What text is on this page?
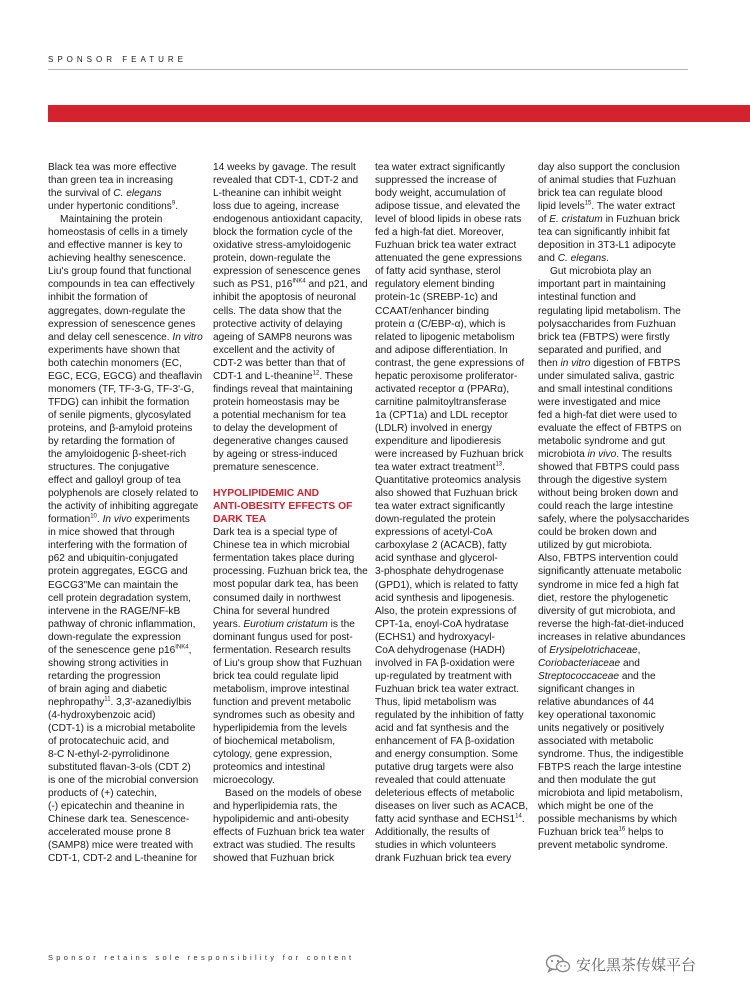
SPONSOR FEATURE

Black tea was more effective

than green tea in increasing

the survival of C. elegans

under hypertonic conditions$^9$.

Maintaining the protein

homeostasis of cells in a timely

and effective manner is key to

achieving healthy senescence.

Liu's group found that functional

compounds in tea can effectively

inhibit the formation of

aggregates, down-regulate the

expression of senescence genes

and delay cell senescence. In vitro

experiments have shown that

both catechin monomers (EC,

EGC, ECG, EGCG) and theaflavin

monomers (TF, TF-3-G, TF-3'-G,

TFDG) can inhibit the formation

of senile pigments, glycosylated

proteins, and β-amyloid proteins

by retarding the formation of

the amyloidogenic β-sheet-rich

structures. The conjugative

effect and galloyl group of tea

polyphenols are closely related to

the activity of inhibiting aggregate

formation$^{10}$. In vivo experiments

in mice showed that through

interfering with the formation of

p62 and ubiquitin-conjugated

protein aggregates, EGCG and

EGCG3"Me can maintain the

cell protein degradation system,

intervene in the RAGE/NF-kB

pathway of chronic inflammation,

down-regulate the expression

of the senescence gene $p16^{INK4}$,

showing strong activities in

retarding the progression

of brain aging and diabetic

nephropathy$^{11}$. 3,3'-azanediylbis

(4-hydroxybenzoic acid)

(CDT-1) is a microbial metabolite

of protocatechuic acid, and

8-C N-ethyl-2-pyrrolidinone

substituted flavan-3-ols (CDT 2)

is one of the microbial conversion

products of (+) catechin,

(-) epicatechin and theanine in

Chinese dark tea. Senescence-

accelerated mouse prone 8

(SAMP8) mice were treated with

CDT-1, CDT-2 and L-theanine for

14 weeks by gavage. The result

revealed that CDT-1, CDT-2 and

L-theanine can inhibit weight

loss due to ageing, increase

endogenous antioxidant capacity,

block the formation cycle of the

oxidative stress-amyloidogenic

protein, down-regulate the

expression of senescence genes

such as PS1, $p16^{INK4}$ and p21, and

inhibit the apoptosis of neuronal

cells. The data show that the

protective activity of delaying

ageing of SAMP8 neurons was

excellent and the activity of

CDT-2 was better than that of

CDT-1 and L-theanine$^{12}$. These

findings reveal that maintaining

protein homeostasis may be

a potential mechanism for tea

to delay the development of

degenerative changes caused

by ageing or stress-induced

premature senescence.

HYPOLIPIDEMIC AND
ANTI-OBESITY EFFECTS OF
DARK TEA

Dark tea is a special type of

Chinese tea in which microbial

fermentation takes place during

processing. Fuzhuan brick tea, the

most popular dark tea, has been

consumed daily in northwest

China for several hundred

years. Eurotium cristatum is the

dominant fungus used for post-

fermentation. Research results

of Liu's group show that Fuzhuan

brick tea could regulate lipid

metabolism, improve intestinal

function and prevent metabolic

syndromes such as obesity and

hyperlipidemia from the levels

of biochemical metabolism,

cytology, gene expression,

proteomics and intestinal

microecology.

Based on the models of obese

and hyperlipidemia rats, the

hypolipidemic and anti-obesity

effects of Fuzhuan brick tea water

extract was studied. The results

showed that Fuzhuan brick

tea water extract significantly

suppressed the increase of

body weight, accumulation of

adipose tissue, and elevated the

level of blood lipids in obese rats

fed a high-fat diet. Moreover,

Fuzhuan brick tea water extract

attenuated the gene expressions

of fatty acid synthase, sterol

regulatory element binding

protein-1c (SREBP-1c) and

CCAAT/enhancer binding

protein α (C/EBP-α), which is

related to lipogenic metabolism

and adipose differentiation. In

contrast, the gene expressions of

hepatic peroxisome proliferator-

activated receptor α (PPARα),

carnitine palmitoyltransferase

1a (CPT1a) and LDL receptor

(LDLR) involved in energy

expenditure and lipodieresis

were increased by Fuzhuan brick

tea water extract treatment$^{13}$.

Quantitative proteomics analysis

also showed that Fuzhuan brick

tea water extract significantly

down-regulated the protein

expressions of acetyl-CoA

carboxylase 2 (ACACB), fatty

acid synthase and glycerol-

3-phosphate dehydrogenase

(GPD1), which is related to fatty

acid synthesis and lipogenesis.

Also, the protein expressions of

CPT-1a, enoyl-CoA hydratase

(ECHS1) and hydroxyacyl-

CoA dehydrogenase (HADH)

involved in FA β-oxidation were

up-regulated by treatment with

Fuzhuan brick tea water extract.

Thus, lipid metabolism was

regulated by the inhibition of fatty

acid and fat synthesis and the

enhancement of FA β-oxidation

and energy consumption. Some

putative drug targets were also

revealed that could attenuate

deleterious effects of metabolic

diseases on liver such as ACACB,

fatty acid synthase and $ECHS1^{14}$.

Additionally, the results of

studies in which volunteers

drank Fuzhuan brick tea every

day also support the conclusion

of animal studies that Fuzhuan

brick tea can regulate blood

lipid levels$^{15}$. The water extract

of E. cristatum in Fuzhuan brick

tea can significantly inhibit fat

deposition in 3T3-L1 adipocyte

and C. elegans.

Gut microbiota play an

important part in maintaining

intestinal function and

regulating lipid metabolism. The

polysaccharides from Fuzhuan

brick tea (FBTPS) were firstly

separated and purified, and

then in vitro digestion of FBTPS

under simulated saliva, gastric

and small intestinal conditions

were investigated and mice

fed a high-fat diet were used to

evaluate the effect of FBTPS on

metabolic syndrome and gut

microbiota in vivo. The results

showed that FBTPS could pass

through the digestive system

without being broken down and

could reach the large intestine

safely, where the polysaccharides

could be broken down and

utilized by gut microbiota.

Also, FBTPS intervention could

significantly attenuate metabolic

syndrome in mice fed a high fat

diet, restore the phylogenetic

diversity of gut microbiota, and

reverse the high-fat-diet-induced

increases in relative abundances

of Erysipelotrichaceae,

Coriobacteriaceae and

Streptococcaceae and the

significant changes in

relative abundances of 44

key operational taxonomic

units negatively or positively

associated with metabolic

syndrome. Thus, the indigestible

FBTPS reach the large intestine

and then modulate the gut

microbiota and lipid metabolism,

which might be one of the

possible mechanisms by which

Fuzhuan brick tea$^{16}$ helps to

prevent metabolic syndrome.

Sponsor retains sole responsibility for content	安化黑茶传媒平台
